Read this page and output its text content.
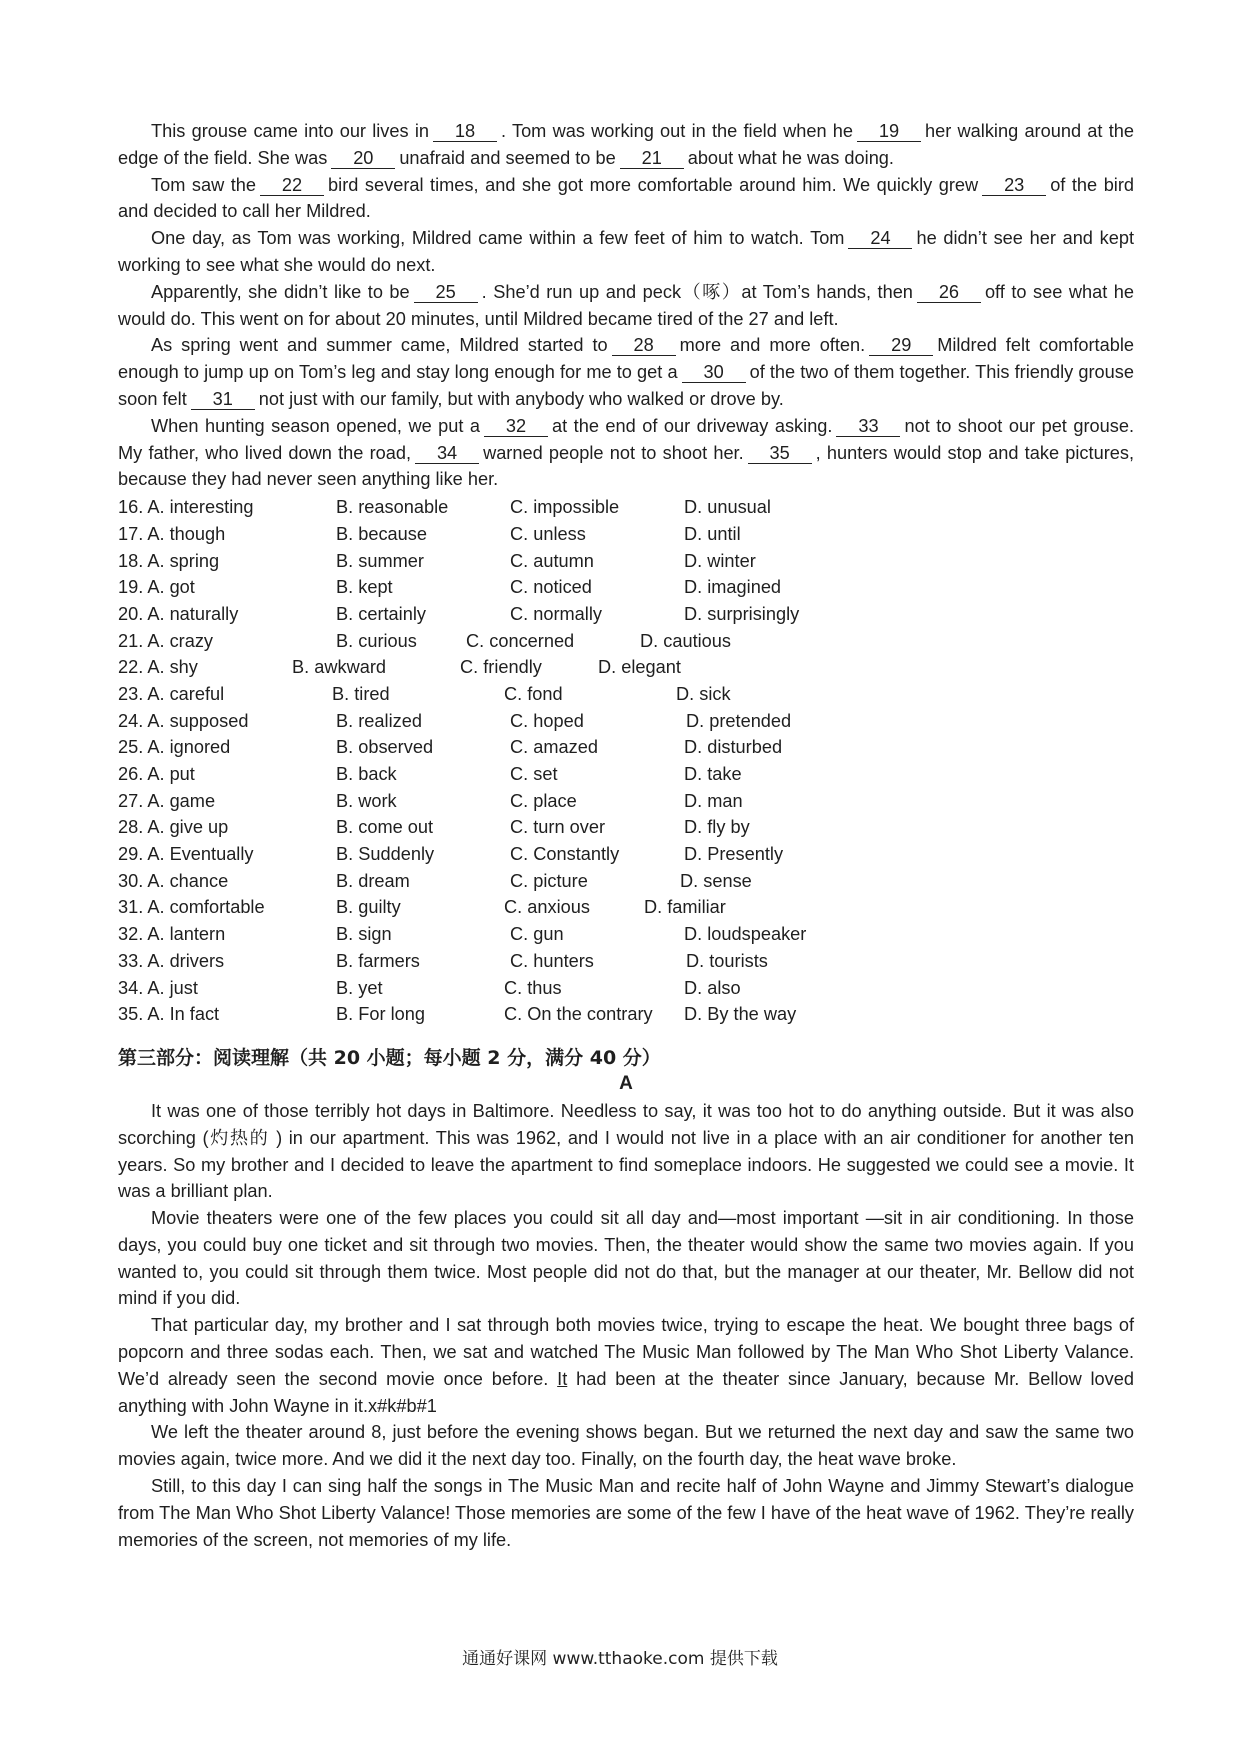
This grouse came into our lives in 18 . Tom was working out in the field when he 19 her walking around at the edge of the field. She was 20 unafraid and seemed to be 21 about what he was doing.

Tom saw the 22 bird several times, and she got more comfortable around him. We quickly grew 23 of the bird and decided to call her Mildred.

One day, as Tom was working, Mildred came within a few feet of him to watch. Tom 24 he didn’t see her and kept working to see what she would do next.

Apparently, she didn’t like to be 25 . She’d run up and peck（啄）at Tom’s hands, then 26 off to see what he would do. This went on for about 20 minutes, until Mildred became tired of the 27 and left.

As spring went and summer came, Mildred started to 28 more and more often. 29 Mildred felt comfortable enough to jump up on Tom’s leg and stay long enough for me to get a 30 of the two of them together. This friendly grouse soon felt 31 not just with our family, but with anybody who walked or drove by.

When hunting season opened, we put a 32 at the end of our driveway asking. 33 not to shoot our pet grouse. My father, who lived down the road, 34 warned people not to shoot her. 35 , hunters would stop and take pictures, because they had never seen anything like her.

16. A. interesting	B. reasonable	C. impossible	D. unusual
17. A. though	B. because	C. unless	D. until
18. A. spring	B. summer	C. autumn	D. winter
19. A. got	B. kept	C. noticed	D. imagined
20. A. naturally	B. certainly	C. normally	D. surprisingly
21. A. crazy	B. curious	C. concerned	D. cautious
22. A. shy	B. awkward	C. friendly	D. elegant
23. A. careful	B. tired	C. fond	D. sick
24. A. supposed	B. realized	C. hoped	D. pretended
25. A. ignored	B. observed	C. amazed	D. disturbed
26. A. put	B. back	C. set	D. take
27. A. game	B. work	C. place	D. man
28. A. give up	B. come out	C. turn over	D. fly by
29. A. Eventually	B. Suddenly	C. Constantly	D. Presently
30. A. chance	B. dream	C. picture	D. sense
31. A. comfortable	B. guilty	C. anxious	D. familiar
32. A. lantern	B. sign	C. gun	D. loudspeaker
33. A. drivers	B. farmers	C. hunters	D. tourists
34. A. just	B. yet	C. thus	D. also
35. A. In fact	B. For long	C. On the contrary D. By the way
第三部分：阅读理解（共 20 小题；每小题 2 分，满分 40 分）
A

It was one of those terribly hot days in Baltimore. Needless to say, it was too hot to do anything outside. But it was also scorching (灼热的 ) in our apartment. This was 1962, and I would not live in a place with an air conditioner for another ten years. So my brother and I decided to leave the apartment to find someplace indoors. He suggested we could see a movie. It was a brilliant plan.

Movie theaters were one of the few places you could sit all day and—most important —sit in air conditioning. In those days, you could buy one ticket and sit through two movies. Then, the theater would show the same two movies again. If you wanted to, you could sit through them twice. Most people did not do that, but the manager at our theater, Mr. Bellow did not mind if you did.

That particular day, my brother and I sat through both movies twice, trying to escape the heat. We bought three bags of popcorn and three sodas each. Then, we sat and watched The Music Man followed by The Man Who Shot Liberty Valance. We’d already seen the second movie once before. It had been at the theater since January, because Mr. Bellow loved anything with John Wayne in it.x#k#b#1

We left the theater around 8, just before the evening shows began. But we returned the next day and saw the same two movies again, twice more. And we did it the next day too. Finally, on the fourth day, the heat wave broke.

Still, to this day I can sing half the songs in The Music Man and recite half of John Wayne and Jimmy Stewart’s dialogue from The Man Who Shot Liberty Valance! Those memories are some of the few I have of the heat wave of 1962. They’re really memories of the screen, not memories of my life.

通通好课网 www.tthaoke.com 提供下载
